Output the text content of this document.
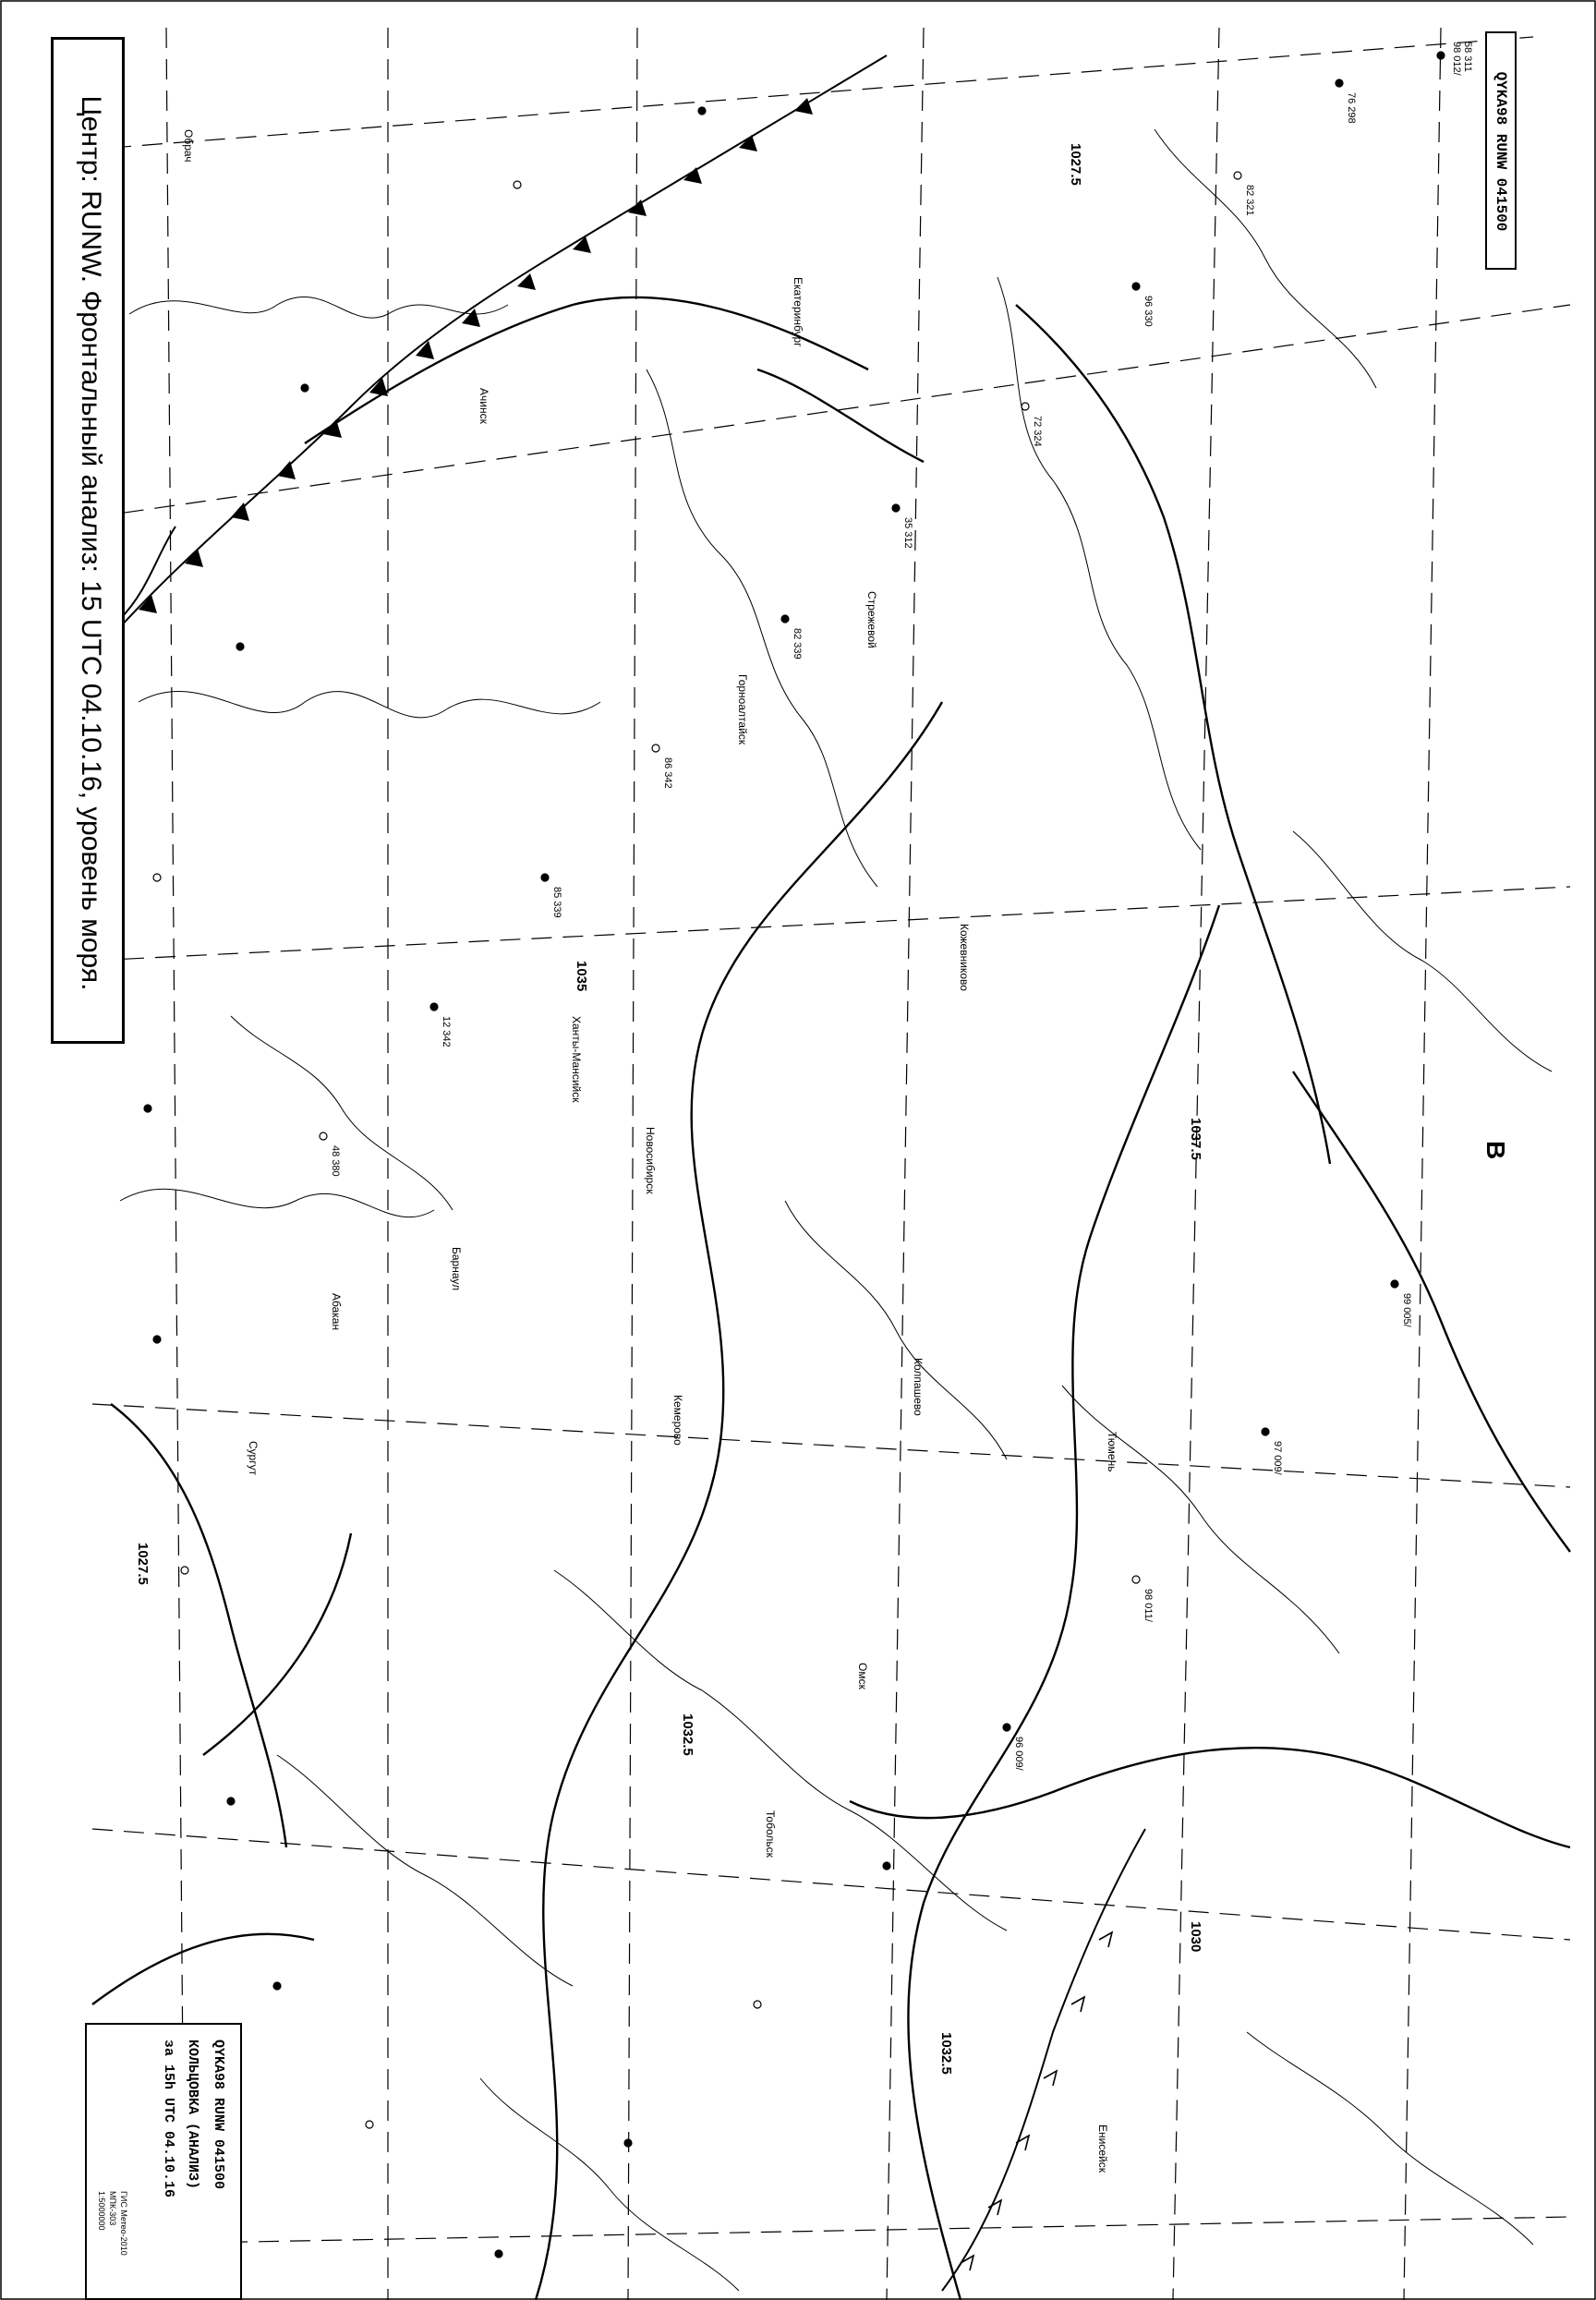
1027.5
1035
1037.5
1032.5
1030
1032.5
1027.5
В
Обрач
Кожевниково
Енисейск
Новосибирск
Барнаул
Кемерово
Тюмень
Омск
Тобольск
Колпашево
Стрежевой
Ханты-Мансийск
Сургут
Абакан
Ачинск
Горноалтайск
Екатеринбург
58 311
98 012/
76 298
82 321
96 330
72 324
35 312
82 339
86 342
85 339
12 342
48 380
99 005/
97 009/
98 011/
96 009/
Центр: RUNW. Фронтальный анализ: 15 UTC 04.10.16, уровень моря.	QYKA98 RUNW 041500
QYKA98 RUNW 041500
КОЛЬЦОВКА (АНАЛИЗ)
за 15h UTC 04.10.16
ГИС Метео-2010
МПК-303
1:5000000
